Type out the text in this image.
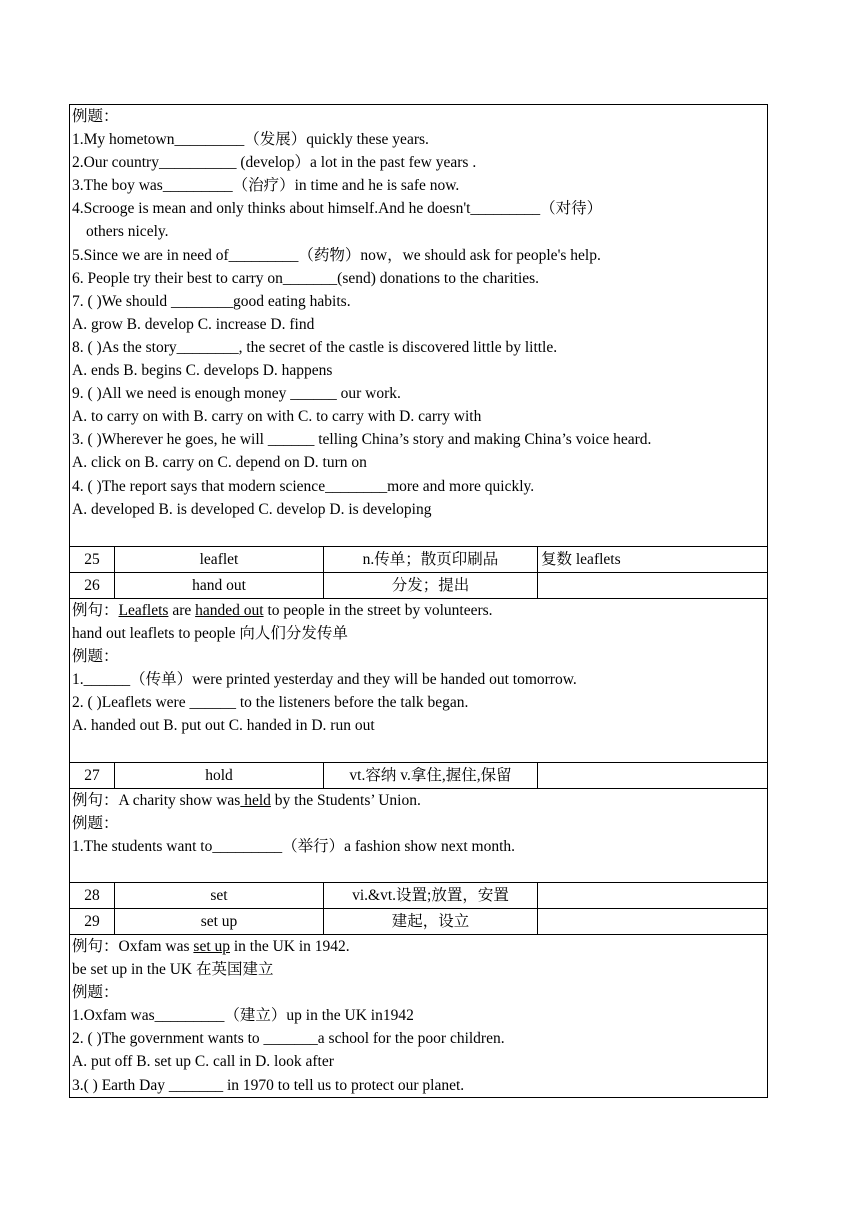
例题：
1.My hometown_________（发展）quickly these years.
2.Our country__________ (develop）a lot in the past few years .
3.The boy was_________（治疗）in time and he is safe now.
4.Scrooge is mean and only thinks about himself.And he doesn't_________（对待）
others nicely.
5.Since we are in need of_________（药物）now，we should ask for people's help.
6. People try their best to carry on_______(send) donations to the charities.
7. ( )We should ________good eating habits.
A. grow B. develop C. increase D. find
8. ( )As the story________, the secret of the castle is discovered little by little.
A. ends B. begins C. develops D. happens
9. ( )All we need is enough money ______ our work.
A. to carry on with B. carry on with C. to carry with D. carry with
3. ( )Wherever he goes, he will ______ telling China’s story and making China’s voice heard.
A. click on B. carry on C. depend on D. turn on
4. ( )The report says that modern science________more and more quickly.
A. developed B. is developed C. develop D. is developing
25	leaflet	n.传单；散页印刷品	复数 leaflets
26	hand out	分发；提出
例句：Leaflets are handed out to people in the street by volunteers.
hand out leaflets to people 向人们分发传单
例题：
1.______（传单）were printed yesterday and they will be handed out tomorrow.
2. ( )Leaflets were ______ to the listeners before the talk began.
A. handed out B. put out C. handed in D. run out
27	hold	vt.容纳 v.拿住,握住,保留
例句：A charity show was held by the Students’ Union.
例题：
1.The students want to_________（举行）a fashion show next month.
28	set	vi.&vt.设置;放置，安置
29	set up	建起，设立
例句：Oxfam was set up in the UK in 1942.
be set up in the UK 在英国建立
例题：
1.Oxfam was_________（建立）up in the UK in1942
2. ( )The government wants to _______a school for the poor children.
A. put off B. set up C. call in D. look after
3.( ) Earth Day _______ in 1970 to tell us to protect our planet.
